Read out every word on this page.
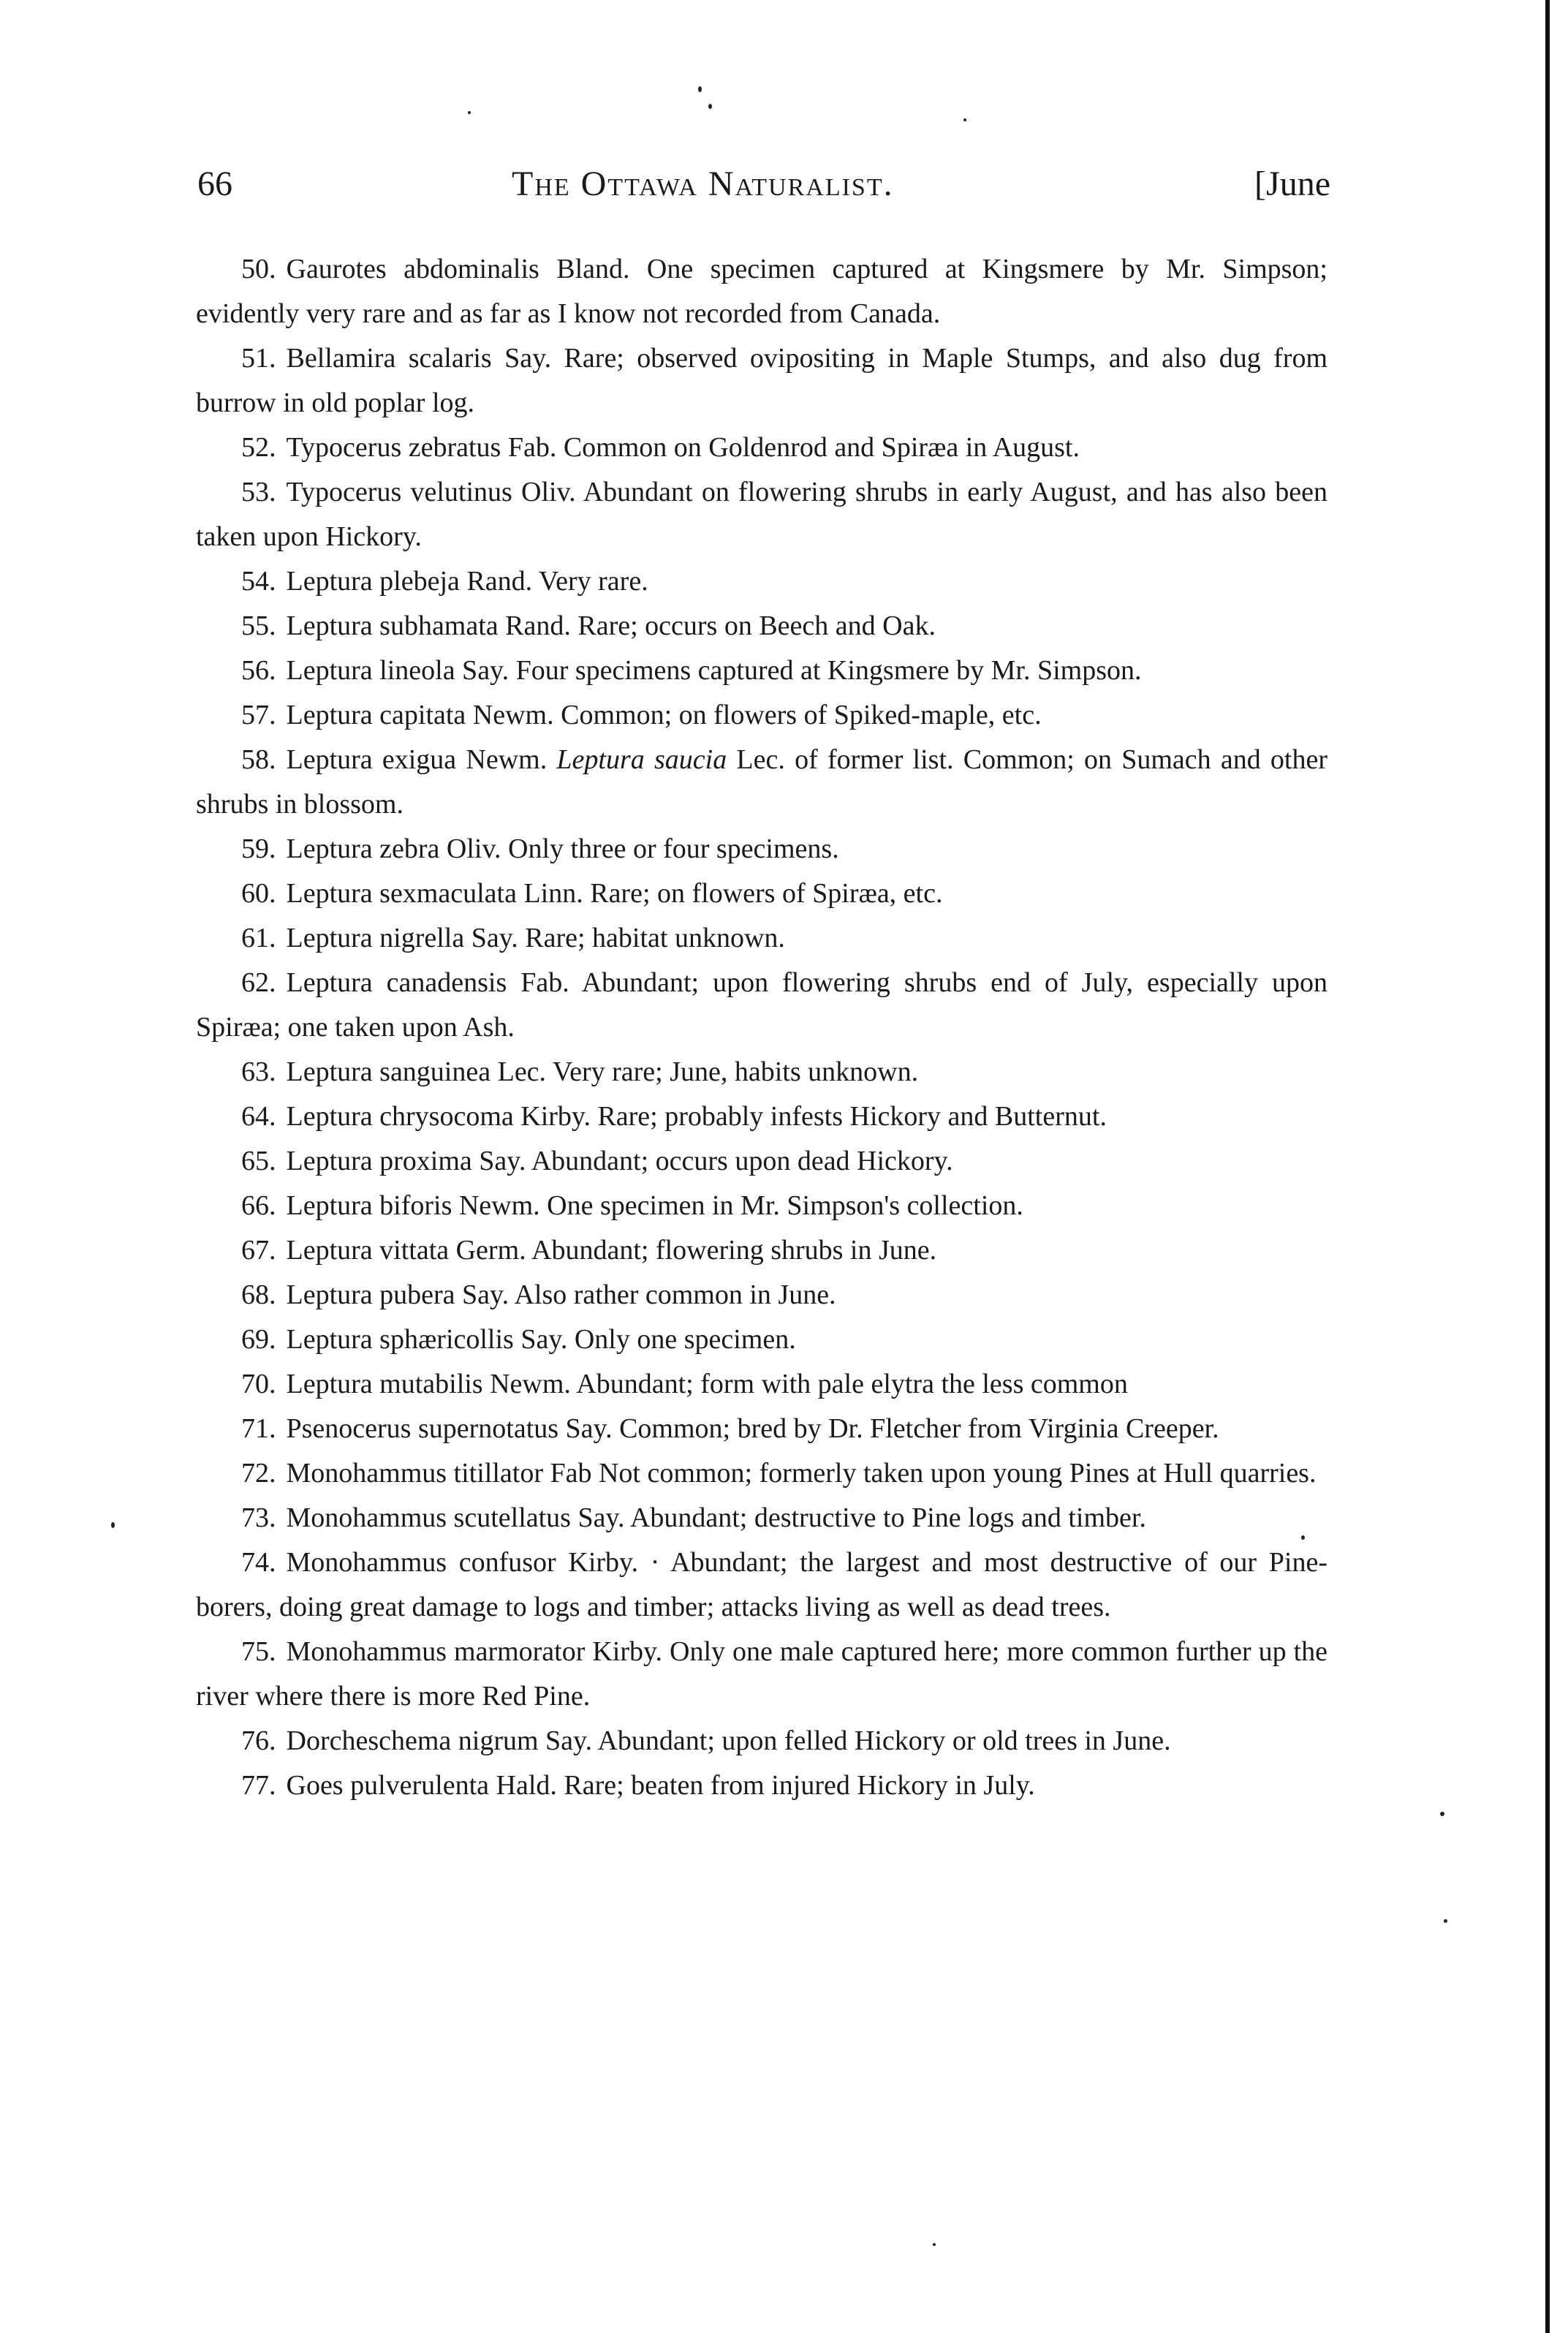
66	The Ottawa Naturalist.	[June

50. Gaurotes abdominalis Bland. One specimen captured at Kingsmere by Mr. Simpson; evidently very rare and as far as I know not recorded from Canada.

51. Bellamira scalaris Say. Rare; observed ovipositing in Maple Stumps, and also dug from burrow in old poplar log.

52. Typocerus zebratus Fab. Common on Goldenrod and Spiræa in August.

53. Typocerus velutinus Oliv. Abundant on flowering shrubs in early August, and has also been taken upon Hickory.

54. Leptura plebeja Rand. Very rare.

55. Leptura subhamata Rand. Rare; occurs on Beech and Oak.

56. Leptura lineola Say. Four specimens captured at Kingsmere by Mr. Simpson.

57. Leptura capitata Newm. Common; on flowers of Spiked-maple, etc.

58. Leptura exigua Newm. Leptura saucia Lec. of former list. Common; on Sumach and other shrubs in blossom.

59. Leptura zebra Oliv. Only three or four specimens.

60. Leptura sexmaculata Linn. Rare; on flowers of Spiræa, etc.

61. Leptura nigrella Say. Rare; habitat unknown.

62. Leptura canadensis Fab. Abundant; upon flowering shrubs end of July, especially upon Spiræa; one taken upon Ash.

63. Leptura sanguinea Lec. Very rare; June, habits unknown.

64. Leptura chrysocoma Kirby. Rare; probably infests Hickory and Butternut.

65. Leptura proxima Say. Abundant; occurs upon dead Hickory.

66. Leptura biforis Newm. One specimen in Mr. Simpson's collection.

67. Leptura vittata Germ. Abundant; flowering shrubs in June.

68. Leptura pubera Say. Also rather common in June.

69. Leptura sphæricollis Say. Only one specimen.

70. Leptura mutabilis Newm. Abundant; form with pale elytra the less common

71. Psenocerus supernotatus Say. Common; bred by Dr. Fletcher from Virginia Creeper.

72. Monohammus titillator Fab Not common; formerly taken upon young Pines at Hull quarries.

73. Monohammus scutellatus Say. Abundant; destructive to Pine logs and timber.

74. Monohammus confusor Kirby. · Abundant; the largest and most destructive of our Pine-borers, doing great damage to logs and timber; attacks living as well as dead trees.

75. Monohammus marmorator Kirby. Only one male captured here; more common further up the river where there is more Red Pine.

76. Dorcheschema nigrum Say. Abundant; upon felled Hickory or old trees in June.

77. Goes pulverulenta Hald. Rare; beaten from injured Hickory in July.
